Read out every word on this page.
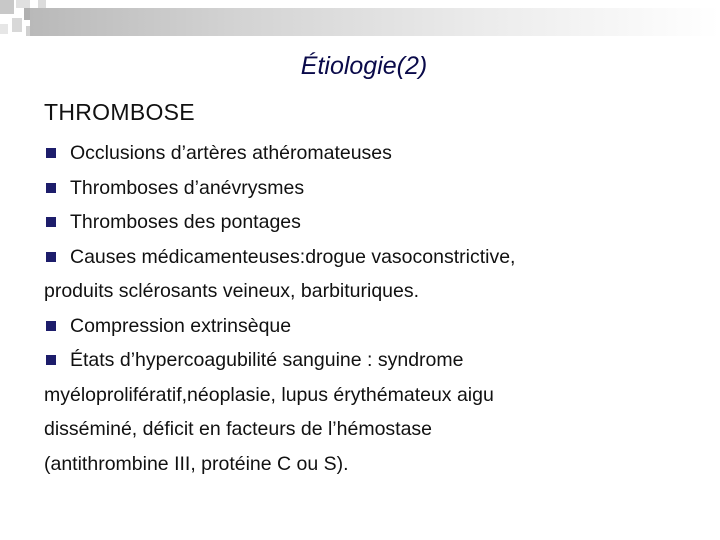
Étiologie(2)
THROMBOSE
Occlusions d’artères athéromateuses
Thromboses d’anévrysmes
Thromboses des pontages
Causes médicamenteuses:drogue vasoconstrictive,
produits sclérosants veineux, barbituriques.
Compression extrinsèque
États d’hypercoagubilité sanguine : syndrome
myéloprolifératif,néoplasie, lupus érythémateux aigu
disséminé, déficit en facteurs de l’hémostase
(antithrombine III, protéine C ou S).
